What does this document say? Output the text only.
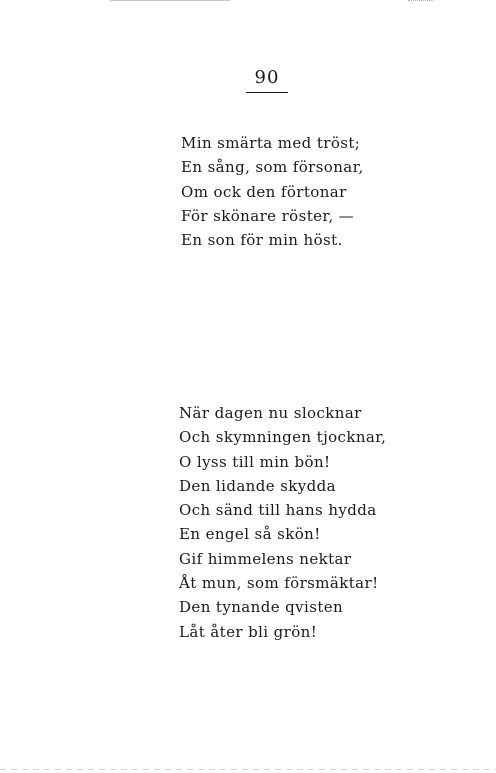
90
Min smärta med tröst;
En sång, som försonar,
Om ock den förtonar
För skönare röster, —
En son för min höst.
När dagen nu slocknar
Och skymningen tjocknar,
O lyss till min bön!
Den lidande skydda
Och sänd till hans hydda
En engel så skön!
Gif himmelens nektar
Åt mun, som försmäktar!
Den tynande qvisten
Låt åter bli grön!
